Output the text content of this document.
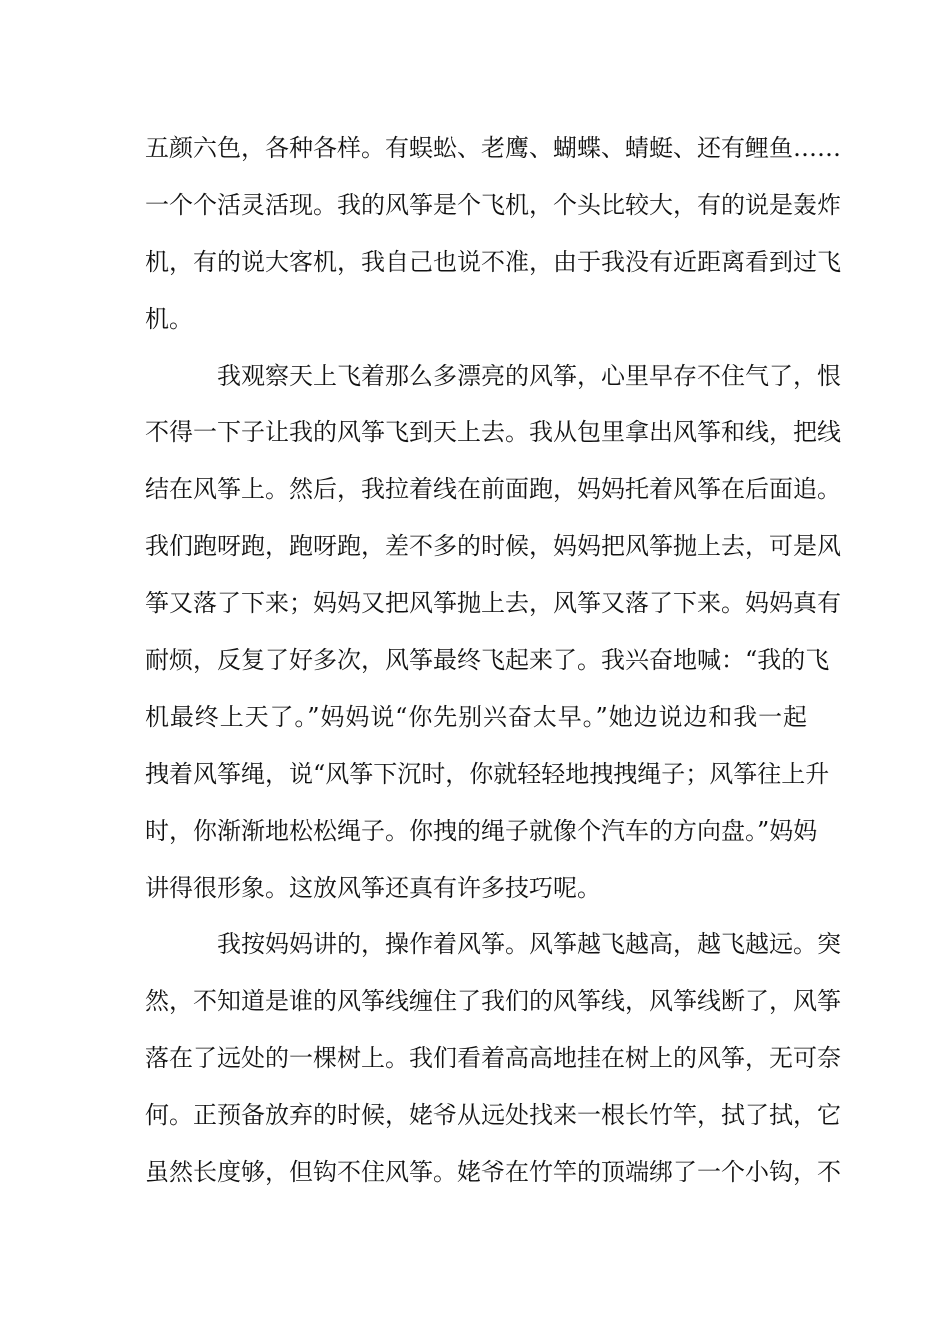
五颜六色，各种各样。有蜈蚣、老鹰、蝴蝶、蜻蜓、还有鲤鱼……
一个个活灵活现。我的风筝是个飞机，个头比较大，有的说是轰炸
机，有的说大客机，我自己也说不准，由于我没有近距离看到过飞
机。
我观察天上飞着那么多漂亮的风筝，心里早存不住气了，恨
不得一下子让我的风筝飞到天上去。我从包里拿出风筝和线，把线
结在风筝上。然后，我拉着线在前面跑，妈妈托着风筝在后面追。
我们跑呀跑，跑呀跑，差不多的时候，妈妈把风筝抛上去，可是风
筝又落了下来；妈妈又把风筝抛上去，风筝又落了下来。妈妈真有
耐烦，反复了好多次，风筝最终飞起来了。我兴奋地喊：“我的飞
机最终上天了。”妈妈说“你先别兴奋太早。”她边说边和我一起
拽着风筝绳，说“风筝下沉时，你就轻轻地拽拽绳子；风筝往上升
时，你渐渐地松松绳子。你拽的绳子就像个汽车的方向盘。”妈妈
讲得很形象。这放风筝还真有许多技巧呢。
我按妈妈讲的，操作着风筝。风筝越飞越高，越飞越远。突
然，不知道是谁的风筝线缠住了我们的风筝线，风筝线断了，风筝
落在了远处的一棵树上。我们看着高高地挂在树上的风筝，无可奈
何。正预备放弃的时候，姥爷从远处找来一根长竹竿，拭了拭，它
虽然长度够，但钩不住风筝。姥爷在竹竿的顶端绑了一个小钩，不
